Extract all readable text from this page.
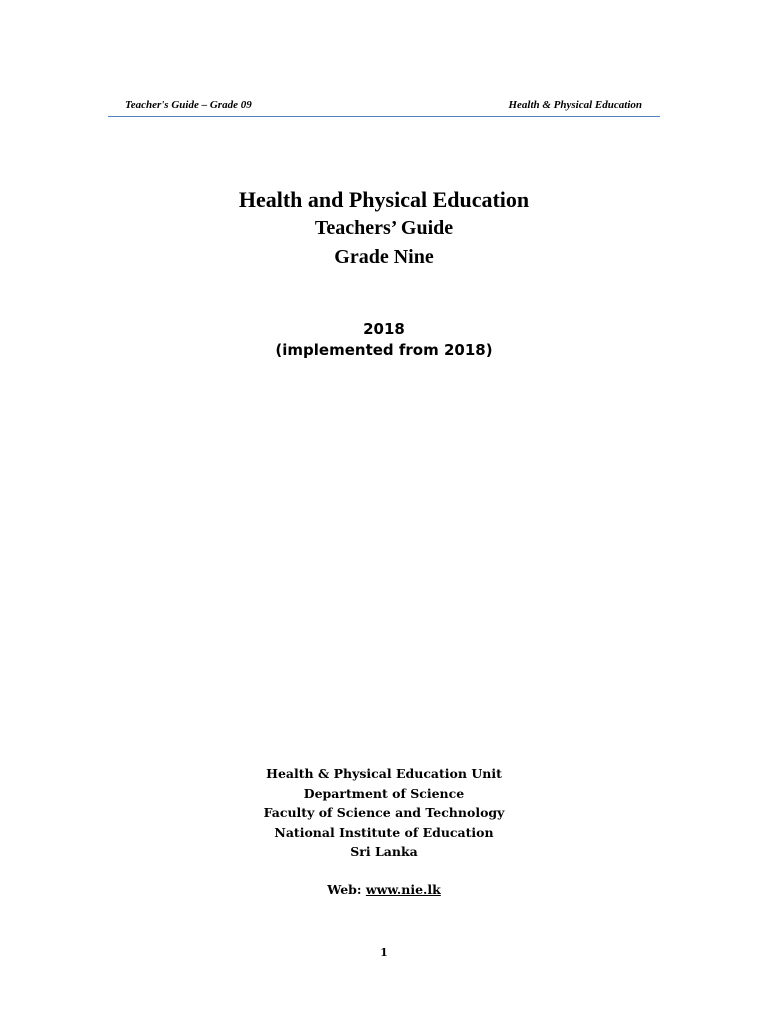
Teacher's Guide – Grade 09	Health & Physical Education
Health and Physical Education
Teachers’ Guide
Grade Nine
2018
(implemented from 2018)
Health & Physical Education Unit
Department of Science
Faculty of Science and Technology
National Institute of Education
Sri Lanka
Web: www.nie.lk
1
